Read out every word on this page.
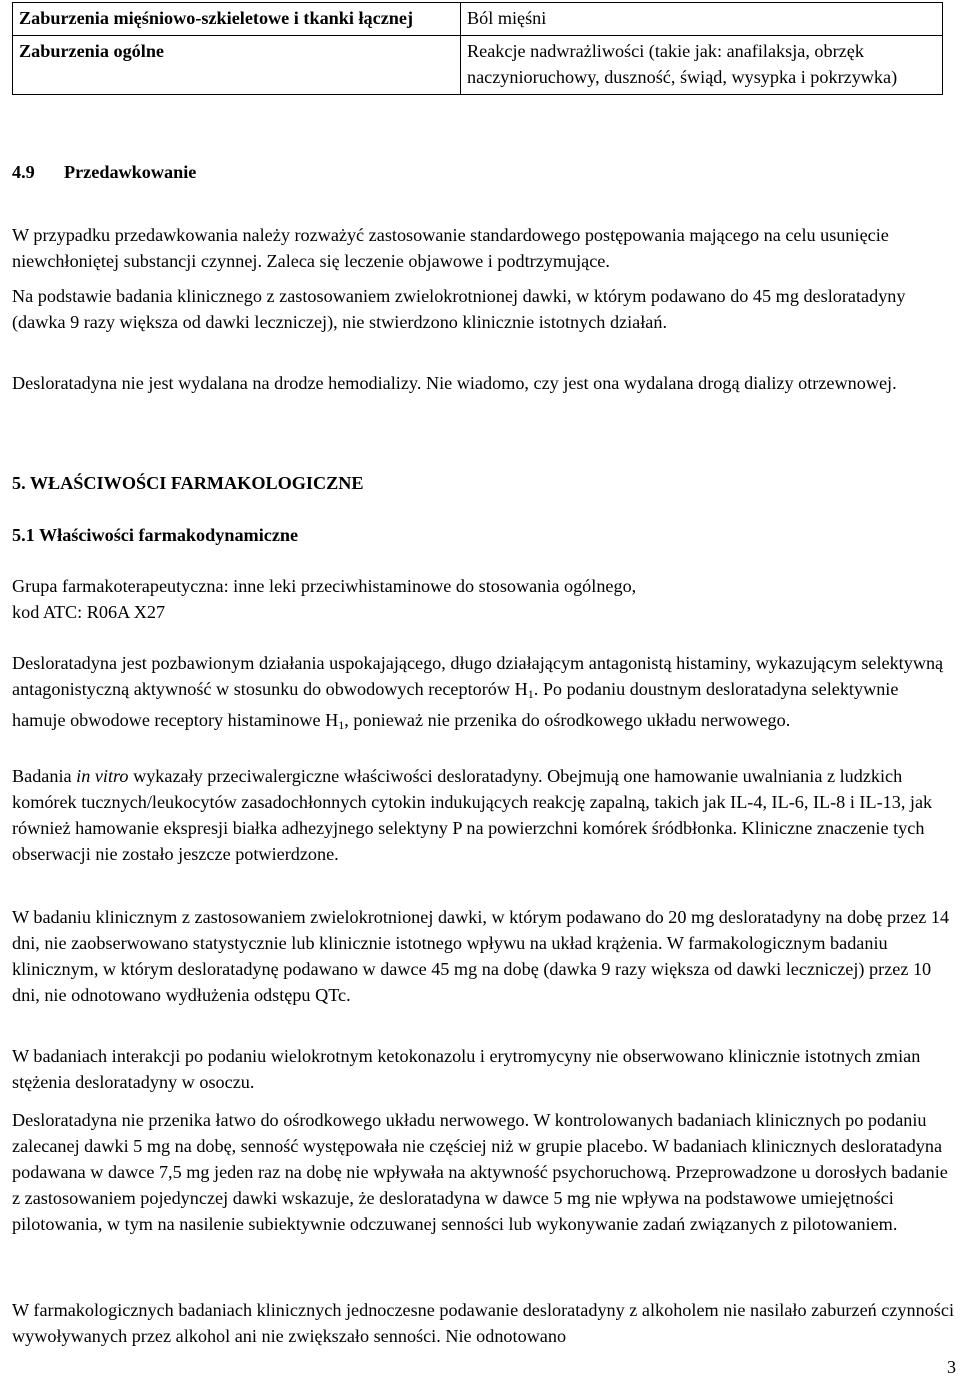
Zaburzenia mięśniowo-szkieletowe i tkanki łącznej	Ból mięśni
Zaburzenia ogólne	Reakcje nadwrażliwości (takie jak: anafilaksja, obrzęk naczynioruchowy, duszność, świąd, wysypka i pokrzywka)
4.9 Przedawkowanie

W przypadku przedawkowania należy rozważyć zastosowanie standardowego postępowania mającego na celu usunięcie niewchłoniętej substancji czynnej. Zaleca się leczenie objawowe i podtrzymujące.

Na podstawie badania klinicznego z zastosowaniem zwielokrotnionej dawki, w którym podawano do 45 mg desloratadyny (dawka 9 razy większa od dawki leczniczej), nie stwierdzono klinicznie istotnych działań.

Desloratadyna nie jest wydalana na drodze hemodializy. Nie wiadomo, czy jest ona wydalana drogą dializy otrzewnowej.

5. WŁAŚCIWOŚCI FARMAKOLOGICZNE
5.1 Właściwości farmakodynamiczne
Grupa farmakoterapeutyczna: inne leki przeciwhistaminowe do stosowania ogólnego,
kod ATC: R06A X27

Desloratadyna jest pozbawionym działania uspokajającego, długo działającym antagonistą histaminy, wykazującym selektywną antagonistyczną aktywność w stosunku do obwodowych receptorów $H_1$. Po podaniu doustnym desloratadyna selektywnie hamuje obwodowe receptory histaminowe $H_1$, ponieważ nie przenika do ośrodkowego układu nerwowego.

Badania in vitro wykazały przeciwalergiczne właściwości desloratadyny. Obejmują one hamowanie uwalniania z ludzkich komórek tucznych/leukocytów zasadochłonnych cytokin indukujących reakcję zapalną, takich jak IL-4, IL-6, IL-8 i IL-13, jak również hamowanie ekspresji białka adhezyjnego selektyny P na powierzchni komórek śródbłonka. Kliniczne znaczenie tych obserwacji nie zostało jeszcze potwierdzone.

W badaniu klinicznym z zastosowaniem zwielokrotnionej dawki, w którym podawano do 20 mg desloratadyny na dobę przez 14 dni, nie zaobserwowano statystycznie lub klinicznie istotnego wpływu na układ krążenia. W farmakologicznym badaniu klinicznym, w którym desloratadynę podawano w dawce 45 mg na dobę (dawka 9 razy większa od dawki leczniczej) przez 10 dni, nie odnotowano wydłużenia odstępu QTc.

W badaniach interakcji po podaniu wielokrotnym ketokonazolu i erytromycyny nie obserwowano klinicznie istotnych zmian stężenia desloratadyny w osoczu.

Desloratadyna nie przenika łatwo do ośrodkowego układu nerwowego. W kontrolowanych badaniach klinicznych po podaniu zalecanej dawki 5 mg na dobę, senność występowała nie częściej niż w grupie placebo. W badaniach klinicznych desloratadyna podawana w dawce 7,5 mg jeden raz na dobę nie wpływała na aktywność psychoruchową. Przeprowadzone u dorosłych badanie z zastosowaniem pojedynczej dawki wskazuje, że desloratadyna w dawce 5 mg nie wpływa na podstawowe umiejętności pilotowania, w tym na nasilenie subiektywnie odczuwanej senności lub wykonywanie zadań związanych z pilotowaniem.

W farmakologicznych badaniach klinicznych jednoczesne podawanie desloratadyny z alkoholem nie nasilało zaburzeń czynności wywoływanych przez alkohol ani nie zwiększało senności. Nie odnotowano

3
